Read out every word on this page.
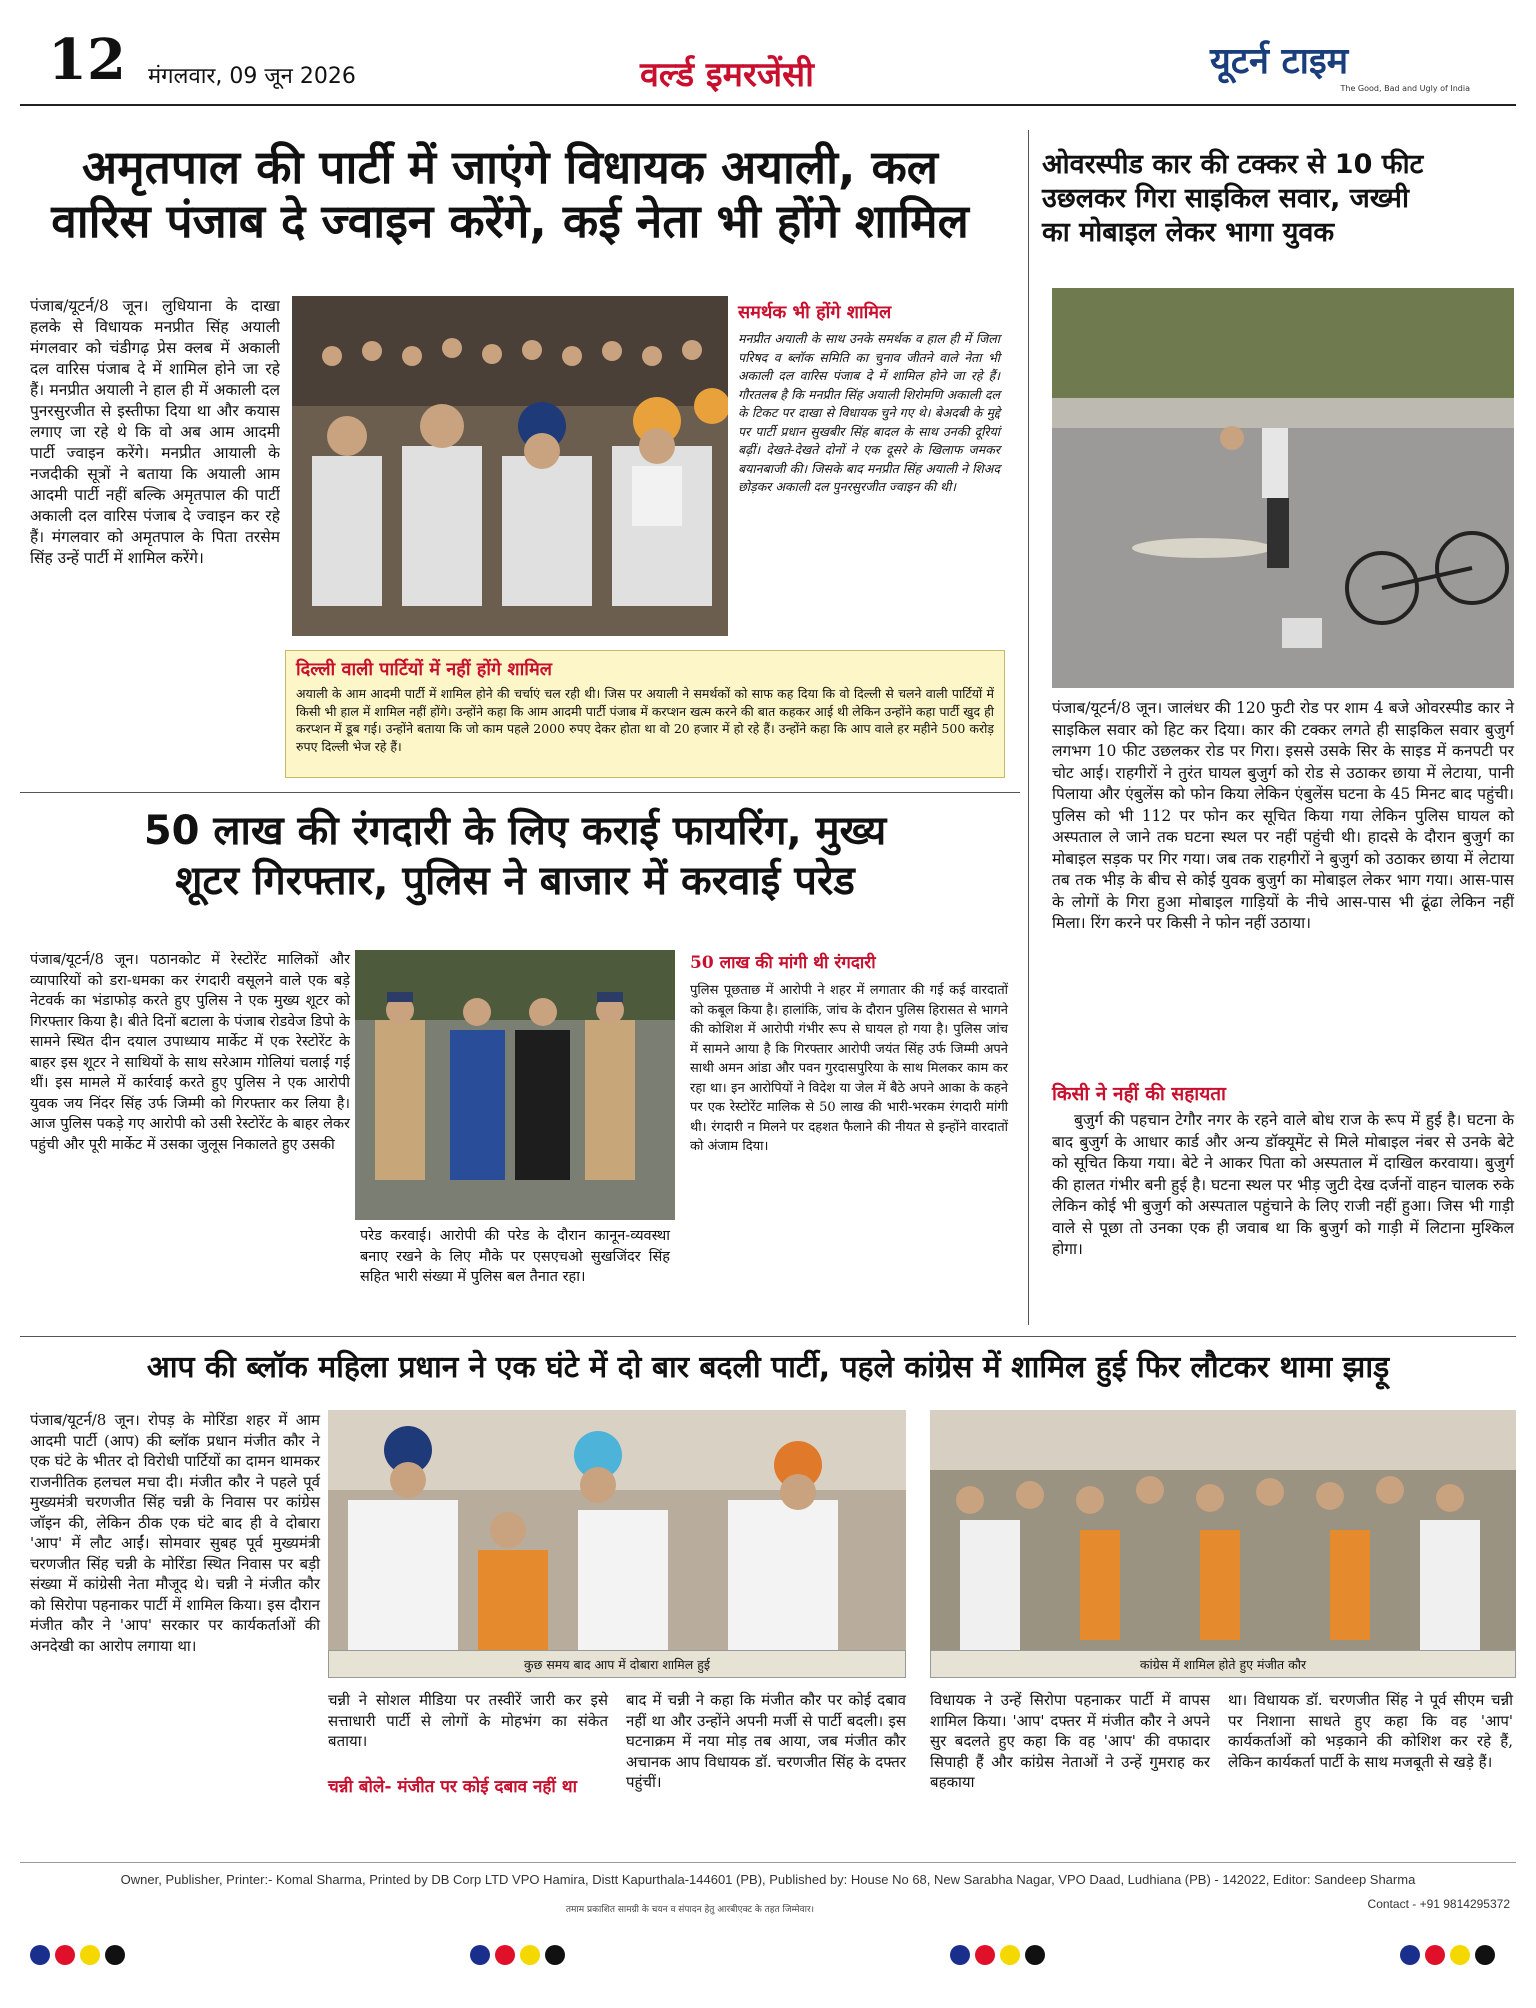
12 मंगलवार, 09 जून 2026	वर्ल्ड इमरजेंसी	यूटर्न टाइम
The Good, Bad and Ugly of India
अमृतपाल की पार्टी में जाएंगे विधायक अयाली, कल
वारिस पंजाब दे ज्वाइन करेंगे, कई नेता भी होंगे शामिल
पंजाब/यूटर्न/8 जून। लुधियाना के दाखा हलके से विधायक मनप्रीत सिंह अयाली मंगलवार को चंडीगढ़ प्रेस क्लब में अकाली दल वारिस पंजाब दे में शामिल होने जा रहे हैं। मनप्रीत अयाली ने हाल ही में अकाली दल पुनरसुरजीत से इस्तीफा दिया था और कयास लगाए जा रहे थे कि वो अब आम आदमी पार्टी ज्वाइन करेंगे। मनप्रीत आयाली के नजदीकी सूत्रों ने बताया कि अयाली आम आदमी पार्टी नहीं बल्कि अमृतपाल की पार्टी अकाली दल वारिस पंजाब दे ज्वाइन कर रहे हैं। मंगलवार को अमृतपाल के पिता तरसेम सिंह उन्हें पार्टी में शामिल करेंगे।
समर्थक भी होंगे शामिल
मनप्रीत अयाली के साथ उनके समर्थक व हाल ही में जिला परिषद व ब्लॉक समिति का चुनाव जीतने वाले नेता भी अकाली दल वारिस पंजाब दे में शामिल होने जा रहे हैं। गौरतलब है कि मनप्रीत सिंह अयाली शिरोमणि अकाली दल के टिकट पर दाखा से विधायक चुने गए थे। बेअदबी के मुद्दे पर पार्टी प्रधान सुखबीर सिंह बादल के साथ उनकी दूरियां बढ़ीं। देखते-देखते दोनों ने एक दूसरे के खिलाफ जमकर बयानबाजी की। जिसके बाद मनप्रीत सिंह अयाली ने शिअद छोड़कर अकाली दल पुनरसुरजीत ज्वाइन की थी।
दिल्ली वाली पार्टियों में नहीं होंगे शामिल
अयाली के आम आदमी पार्टी में शामिल होने की चर्चाएं चल रही थी। जिस पर अयाली ने समर्थकों को साफ कह दिया कि वो दिल्ली से चलने वाली पार्टियों में किसी भी हाल में शामिल नहीं होंगे। उन्होंने कहा कि आम आदमी पार्टी पंजाब में करप्शन खत्म करने की बात कहकर आई थी लेकिन उन्होंने कहा पार्टी खुद ही करप्शन में डूब गई। उन्होंने बताया कि जो काम पहले 2000 रुपए देकर होता था वो 20 हजार में हो रहे हैं। उन्होंने कहा कि आप वाले हर महीने 500 करोड़ रुपए दिल्ली भेज रहे हैं।
ओवरस्पीड कार की टक्कर से 10 फीट
उछलकर गिरा साइकिल सवार, जख्मी
का मोबाइल लेकर भागा युवक
पंजाब/यूटर्न/8 जून। जालंधर की 120 फुटी रोड पर शाम 4 बजे ओवरस्पीड कार ने साइकिल सवार को हिट कर दिया। कार की टक्कर लगते ही साइकिल सवार बुजुर्ग लगभग 10 फीट उछलकर रोड पर गिरा। इससे उसके सिर के साइड में कनपटी पर चोट आई। राहगीरों ने तुरंत घायल बुजुर्ग को रोड से उठाकर छाया में लेटाया, पानी पिलाया और एंबुलेंस को फोन किया लेकिन एंबुलेंस घटना के 45 मिनट बाद पहुंची। पुलिस को भी 112 पर फोन कर सूचित किया गया लेकिन पुलिस घायल को अस्पताल ले जाने तक घटना स्थल पर नहीं पहुंची थी। हादसे के दौरान बुजुर्ग का मोबाइल सड़क पर गिर गया। जब तक राहगीरों ने बुजुर्ग को उठाकर छाया में लेटाया तब तक भीड़ के बीच से कोई युवक बुजुर्ग का मोबाइल लेकर भाग गया। आस-पास के लोगों के गिरा हुआ मोबाइल गाड़ियों के नीचे आस-पास भी ढूंढा लेकिन नहीं मिला। रिंग करने पर किसी ने फोन नहीं उठाया।
किसी ने नहीं की सहायता
बुजुर्ग की पहचान टेगौर नगर के रहने वाले बोध राज के रूप में हुई है। घटना के बाद बुजुर्ग के आधार कार्ड और अन्य डॉक्यूमेंट से मिले मोबाइल नंबर से उनके बेटे को सूचित किया गया। बेटे ने आकर पिता को अस्पताल में दाखिल करवाया। बुजुर्ग की हालत गंभीर बनी हुई है। घटना स्थल पर भीड़ जुटी देख दर्जनों वाहन चालक रुके लेकिन कोई भी बुजुर्ग को अस्पताल पहुंचाने के लिए राजी नहीं हुआ। जिस भी गाड़ी वाले से पूछा तो उनका एक ही जवाब था कि बुजुर्ग को गाड़ी में लिटाना मुश्किल होगा।
50 लाख की रंगदारी के लिए कराई फायरिंग, मुख्य
शूटर गिरफ्तार, पुलिस ने बाजार में करवाई परेड
पंजाब/यूटर्न/8 जून। पठानकोट में रेस्टोरेंट मालिकों और व्यापारियों को डरा-धमका कर रंगदारी वसूलने वाले एक बड़े नेटवर्क का भंडाफोड़ करते हुए पुलिस ने एक मुख्य शूटर को गिरफ्तार किया है। बीते दिनों बटाला के पंजाब रोडवेज डिपो के सामने स्थित दीन दयाल उपाध्याय मार्केट में एक रेस्टोरेंट के बाहर इस शूटर ने साथियों के साथ सरेआम गोलियां चलाई गई थीं। इस मामले में कार्रवाई करते हुए पुलिस ने एक आरोपी युवक जय निंदर सिंह उर्फ जिम्मी को गिरफ्तार कर लिया है। आज पुलिस पकड़े गए आरोपी को उसी रेस्टोरेंट के बाहर लेकर पहुंची और पूरी मार्केट में उसका जुलूस निकालते हुए उसकी
परेड करवाई। आरोपी की परेड के दौरान कानून-व्यवस्था बनाए रखने के लिए मौके पर एसएचओ सुखजिंदर सिंह सहित भारी संख्या में पुलिस बल तैनात रहा।
50 लाख की मांगी थी रंगदारी
पुलिस पूछताछ में आरोपी ने शहर में लगातार की गई कई वारदातों को कबूल किया है। हालांकि, जांच के दौरान पुलिस हिरासत से भागने की कोशिश में आरोपी गंभीर रूप से घायल हो गया है। पुलिस जांच में सामने आया है कि गिरफ्तार आरोपी जयंत सिंह उर्फ जिम्मी अपने साथी अमन आंडा और पवन गुरदासपुरिया के साथ मिलकर काम कर रहा था। इन आरोपियों ने विदेश या जेल में बैठे अपने आका के कहने पर एक रेस्टोरेंट मालिक से 50 लाख की भारी-भरकम रंगदारी मांगी थी। रंगदारी न मिलने पर दहशत फैलाने की नीयत से इन्होंने वारदातों को अंजाम दिया।
आप की ब्लॉक महिला प्रधान ने एक घंटे में दो बार बदली पार्टी, पहले कांग्रेस में शामिल हुई फिर लौटकर थामा झाड़ू
पंजाब/यूटर्न/8 जून। रोपड़ के मोरिंडा शहर में आम आदमी पार्टी (आप) की ब्लॉक प्रधान मंजीत कौर ने एक घंटे के भीतर दो विरोधी पार्टियों का दामन थामकर राजनीतिक हलचल मचा दी। मंजीत कौर ने पहले पूर्व मुख्यमंत्री चरणजीत सिंह चन्नी के निवास पर कांग्रेस जॉइन की, लेकिन ठीक एक घंटे बाद ही वे दोबारा 'आप' में लौट आईं। सोमवार सुबह पूर्व मुख्यमंत्री चरणजीत सिंह चन्नी के मोरिंडा स्थित निवास पर बड़ी संख्या में कांग्रेसी नेता मौजूद थे। चन्नी ने मंजीत कौर को सिरोपा पहनाकर पार्टी में शामिल किया। इस दौरान मंजीत कौर ने 'आप' सरकार पर कार्यकर्ताओं की अनदेखी का आरोप लगाया था।
कुछ समय बाद आप में दोबारा शामिल हुई	कांग्रेस में शामिल होते हुए मंजीत कौर
चन्नी ने सोशल मीडिया पर तस्वीरें जारी कर इसे सत्ताधारी पार्टी से लोगों के मोहभंग का संकेत बताया।
चन्नी बोले- मंजीत पर कोई दबाव नहीं था
बाद में चन्नी ने कहा कि मंजीत कौर पर कोई दबाव नहीं था और उन्होंने अपनी मर्जी से पार्टी बदली। इस घटनाक्रम में नया मोड़ तब आया, जब मंजीत कौर अचानक आप विधायक डॉ. चरणजीत सिंह के दफ्तर पहुंचीं।
विधायक ने उन्हें सिरोपा पहनाकर पार्टी में वापस शामिल किया। 'आप' दफ्तर में मंजीत कौर ने अपने सुर बदलते हुए कहा कि वह 'आप' की वफादार सिपाही हैं और कांग्रेस नेताओं ने उन्हें गुमराह कर बहकाया
था। विधायक डॉ. चरणजीत सिंह ने पूर्व सीएम चन्नी पर निशाना साधते हुए कहा कि वह 'आप' कार्यकर्ताओं को भड़काने की कोशिश कर रहे हैं, लेकिन कार्यकर्ता पार्टी के साथ मजबूती से खड़े हैं।
Owner, Publisher, Printer:- Komal Sharma, Printed by DB Corp LTD VPO Hamira, Distt Kapurthala-144601 (PB), Published by: House No 68, New Sarabha Nagar, VPO Daad, Ludhiana (PB) - 142022, Editor: Sandeep Sharma
तमाम प्रकाशित सामग्री के चयन व संपादन हेतु आरबीएक्ट के तहत जिम्मेवार।	Contact - +91 9814295372
